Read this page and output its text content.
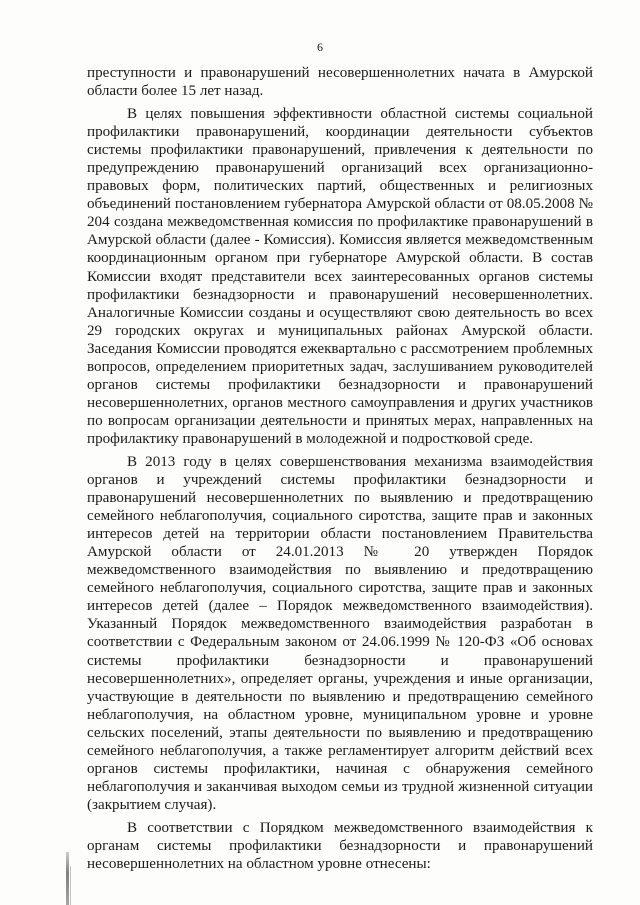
6

преступности и правонарушений несовершеннолетних начата в Амурской области более 15 лет назад.

В целях повышения эффективности областной системы социальной профилактики правонарушений, координации деятельности субъектов системы профилактики правонарушений, привлечения к деятельности по предупреждению правонарушений организаций всех организационно-правовых форм, политических партий, общественных и религиозных объединений постановлением губернатора Амурской области от 08.05.2008 № 204 создана межведомственная комиссия по профилактике правонарушений в Амурской области (далее - Комиссия). Комиссия является межведомственным координационным органом при губернаторе Амурской области. В состав Комиссии входят представители всех заинтересованных органов системы профилактики безнадзорности и правонарушений несовершеннолетних. Аналогичные Комиссии созданы и осуществляют свою деятельность во всех 29 городских округах и муниципальных районах Амурской области. Заседания Комиссии проводятся ежеквартально с рассмотрением проблемных вопросов, определением приоритетных задач, заслушиванием руководителей органов системы профилактики безнадзорности и правонарушений несовершеннолетних, органов местного самоуправления и других участников по вопросам организации деятельности и принятых мерах, направленных на профилактику правонарушений в молодежной и подростковой среде.

В 2013 году в целях совершенствования механизма взаимодействия органов и учреждений системы профилактики безнадзорности и правонарушений несовершеннолетних по выявлению и предотвращению семейного неблагополучия, социального сиротства, защите прав и законных интересов детей на территории области постановлением Правительства Амурской области от 24.01.2013 № 20 утвержден Порядок межведомственного взаимодействия по выявлению и предотвращению семейного неблагополучия, социального сиротства, защите прав и законных интересов детей (далее – Порядок межведомственного взаимодействия). Указанный Порядок межведомственного взаимодействия разработан в соответствии с Федеральным законом от 24.06.1999 № 120-ФЗ «Об основах системы профилактики безнадзорности и правонарушений несовершеннолетних», определяет органы, учреждения и иные организации, участвующие в деятельности по выявлению и предотвращению семейного неблагополучия, на областном уровне, муниципальном уровне и уровне сельских поселений, этапы деятельности по выявлению и предотвращению семейного неблагополучия, а также регламентирует алгоритм действий всех органов системы профилактики, начиная с обнаружения семейного неблагополучия и заканчивая выходом семьи из трудной жизненной ситуации (закрытием случая).

В соответствии с Порядком межведомственного взаимодействия к органам системы профилактики безнадзорности и правонарушений несовершеннолетних на областном уровне отнесены:
